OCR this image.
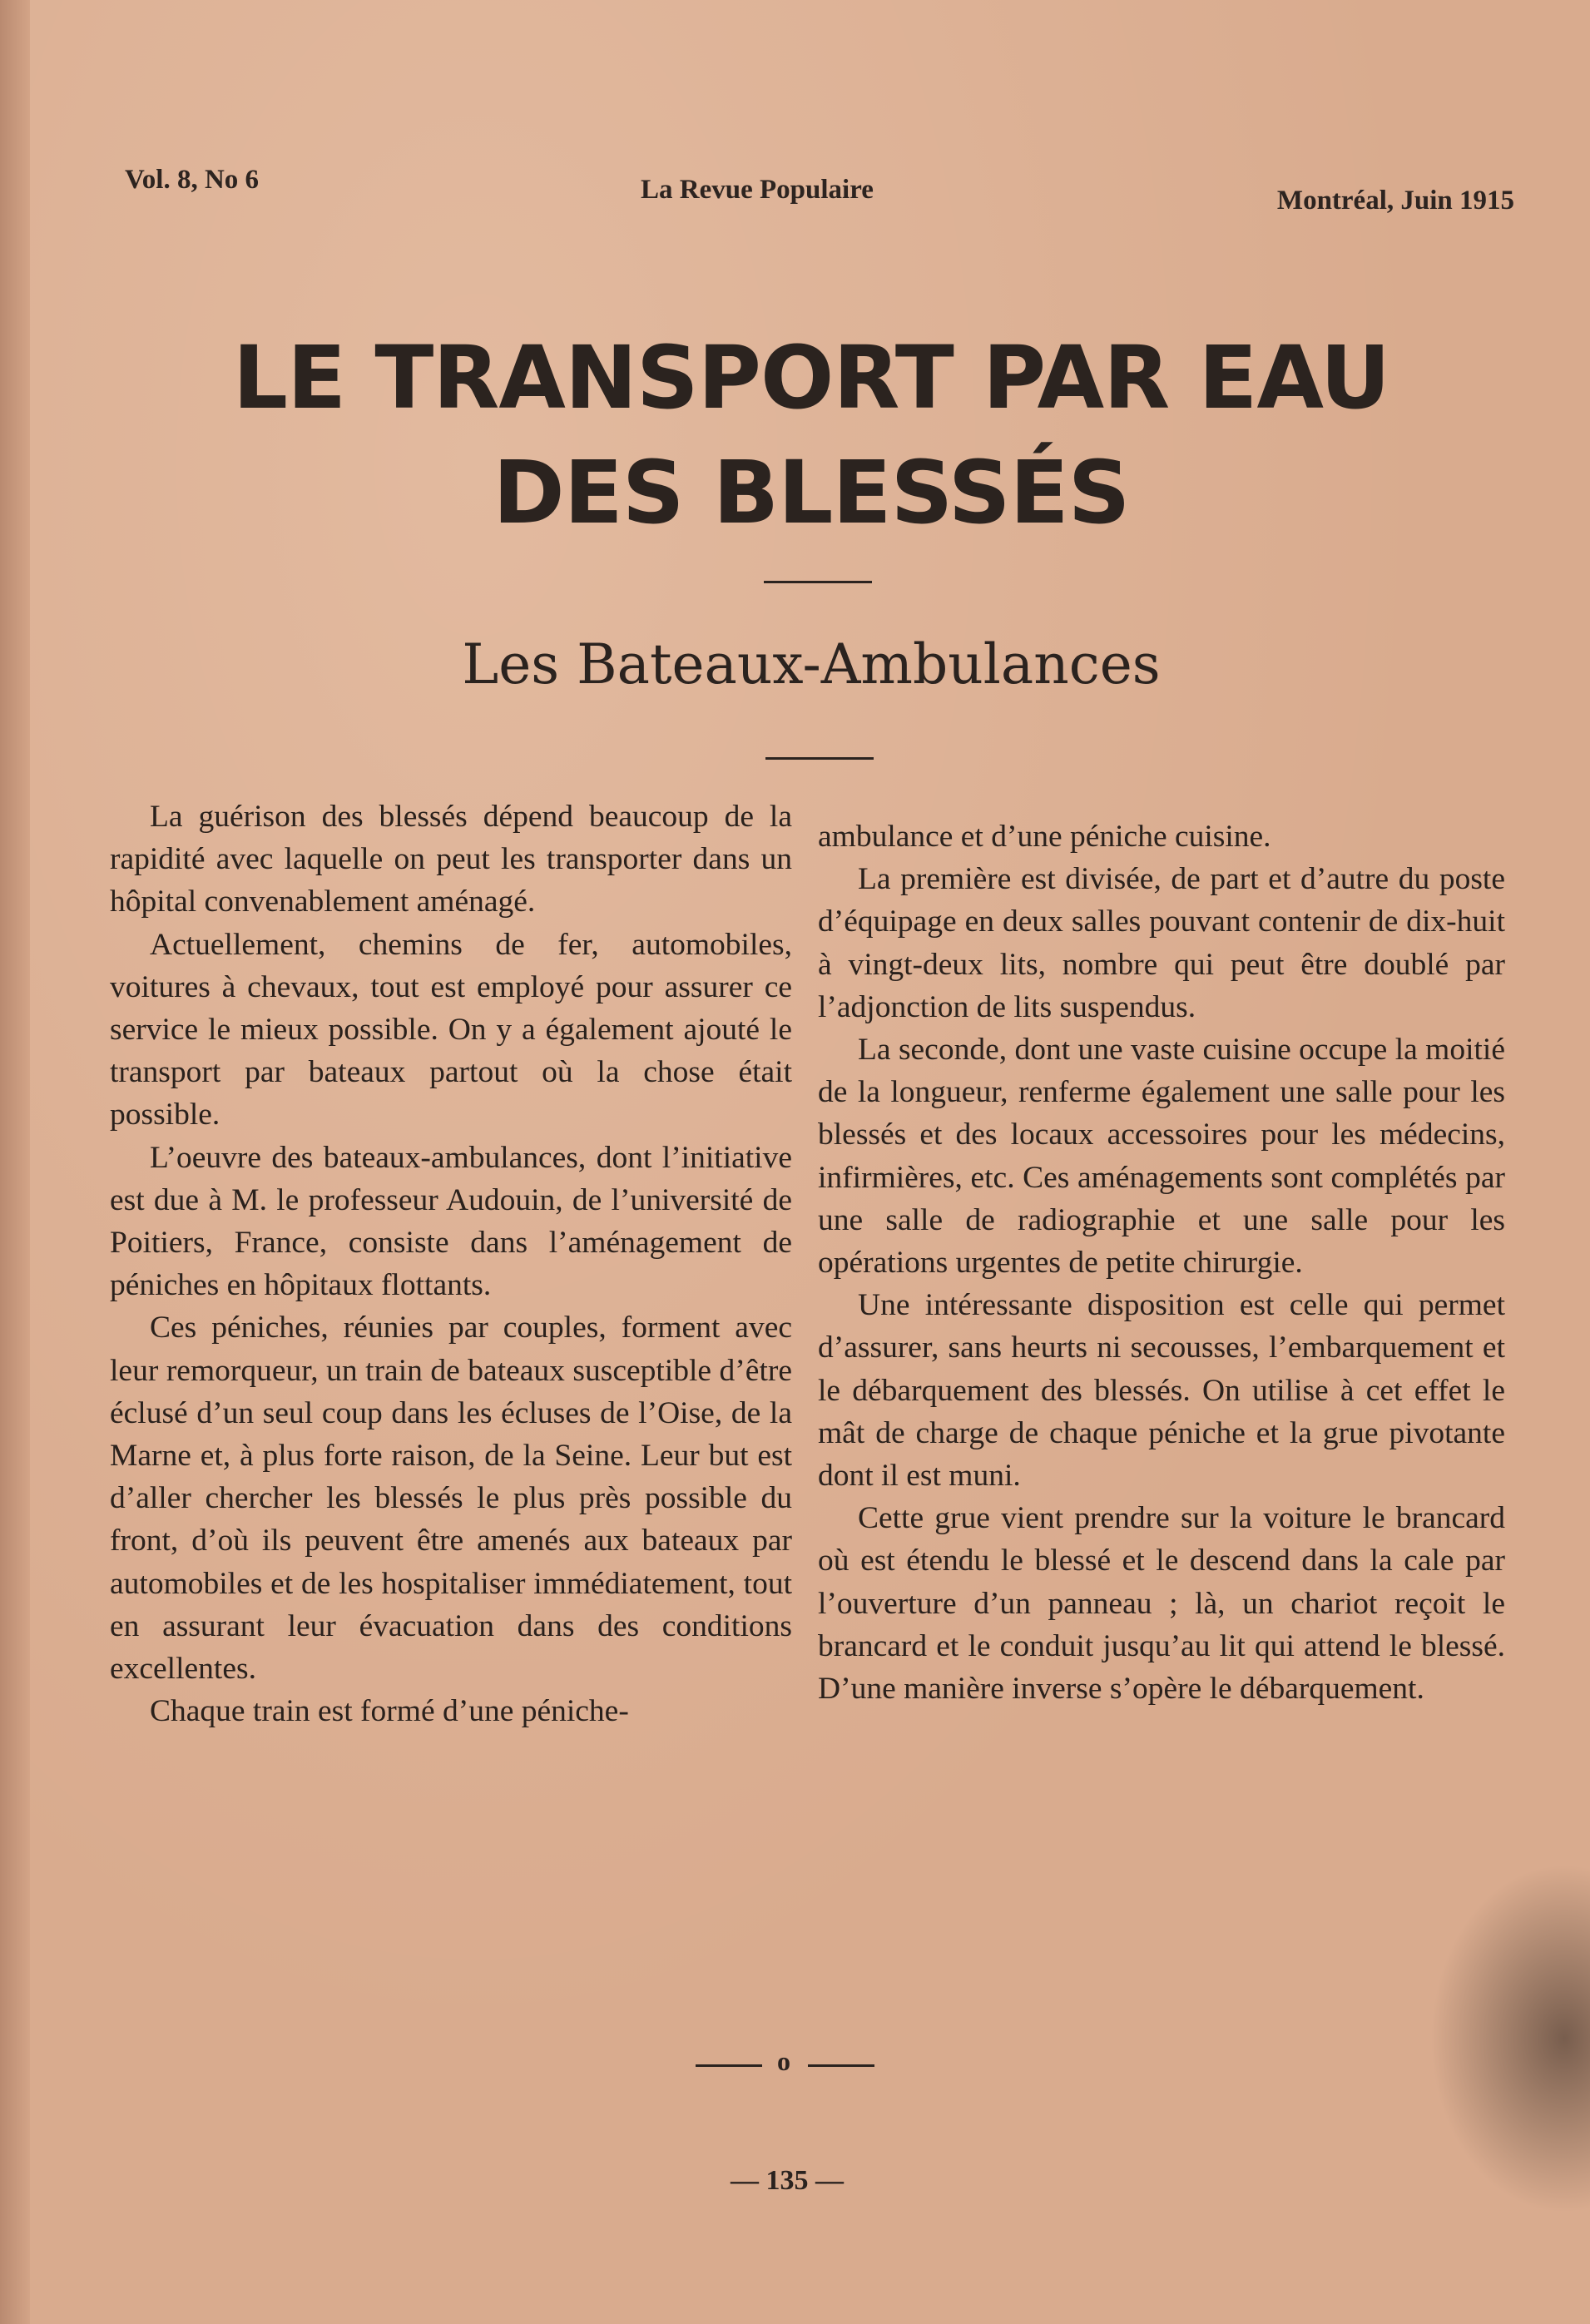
Vol. 8, No 6	La Revue Populaire	Montréal, Juin 1915
LE TRANSPORT PAR EAU
DES BLESSÉS
Les Bateaux-Ambulances

La guérison des blessés dépend beaucoup de la rapidité avec laquelle on peut les transporter dans un hôpital convenablement aménagé.

Actuellement, chemins de fer, automobiles, voitures à chevaux, tout est employé pour assurer ce service le mieux possible. On y a également ajouté le transport par bateaux partout où la chose était possible.

L’oeuvre des bateaux-ambulances, dont l’initiative est due à M. le professeur Audouin, de l’université de Poitiers, France, consiste dans l’aménagement de péniches en hôpitaux flottants.

Ces péniches, réunies par couples, forment avec leur remorqueur, un train de bateaux susceptible d’être éclusé d’un seul coup dans les écluses de l’Oise, de la Marne et, à plus forte raison, de la Seine. Leur but est d’aller chercher les blessés le plus près possible du front, d’où ils peuvent être amenés aux bateaux par automobiles et de les hospitaliser immédiatement, tout en assurant leur évacuation dans des conditions excellentes.

Chaque train est formé d’une péniche-

ambulance et d’une péniche cuisine.

La première est divisée, de part et d’autre du poste d’équipage en deux salles pouvant contenir de dix-huit à vingt-deux lits, nombre qui peut être doublé par l’adjonction de lits suspendus.

La seconde, dont une vaste cuisine occupe la moitié de la longueur, renferme également une salle pour les blessés et des locaux accessoires pour les médecins, infirmières, etc. Ces aménagements sont complétés par une salle de radiographie et une salle pour les opérations urgentes de petite chirurgie.

Une intéressante disposition est celle qui permet d’assurer, sans heurts ni secousses, l’embarquement et le débarquement des blessés. On utilise à cet effet le mât de charge de chaque péniche et la grue pivotante dont il est muni.

Cette grue vient prendre sur la voiture le brancard où est étendu le blessé et le descend dans la cale par l’ouverture d’un panneau ; là, un chariot reçoit le brancard et le conduit jusqu’au lit qui attend le blessé. D’une manière inverse s’opère le débarquement.

o
— 135 —
